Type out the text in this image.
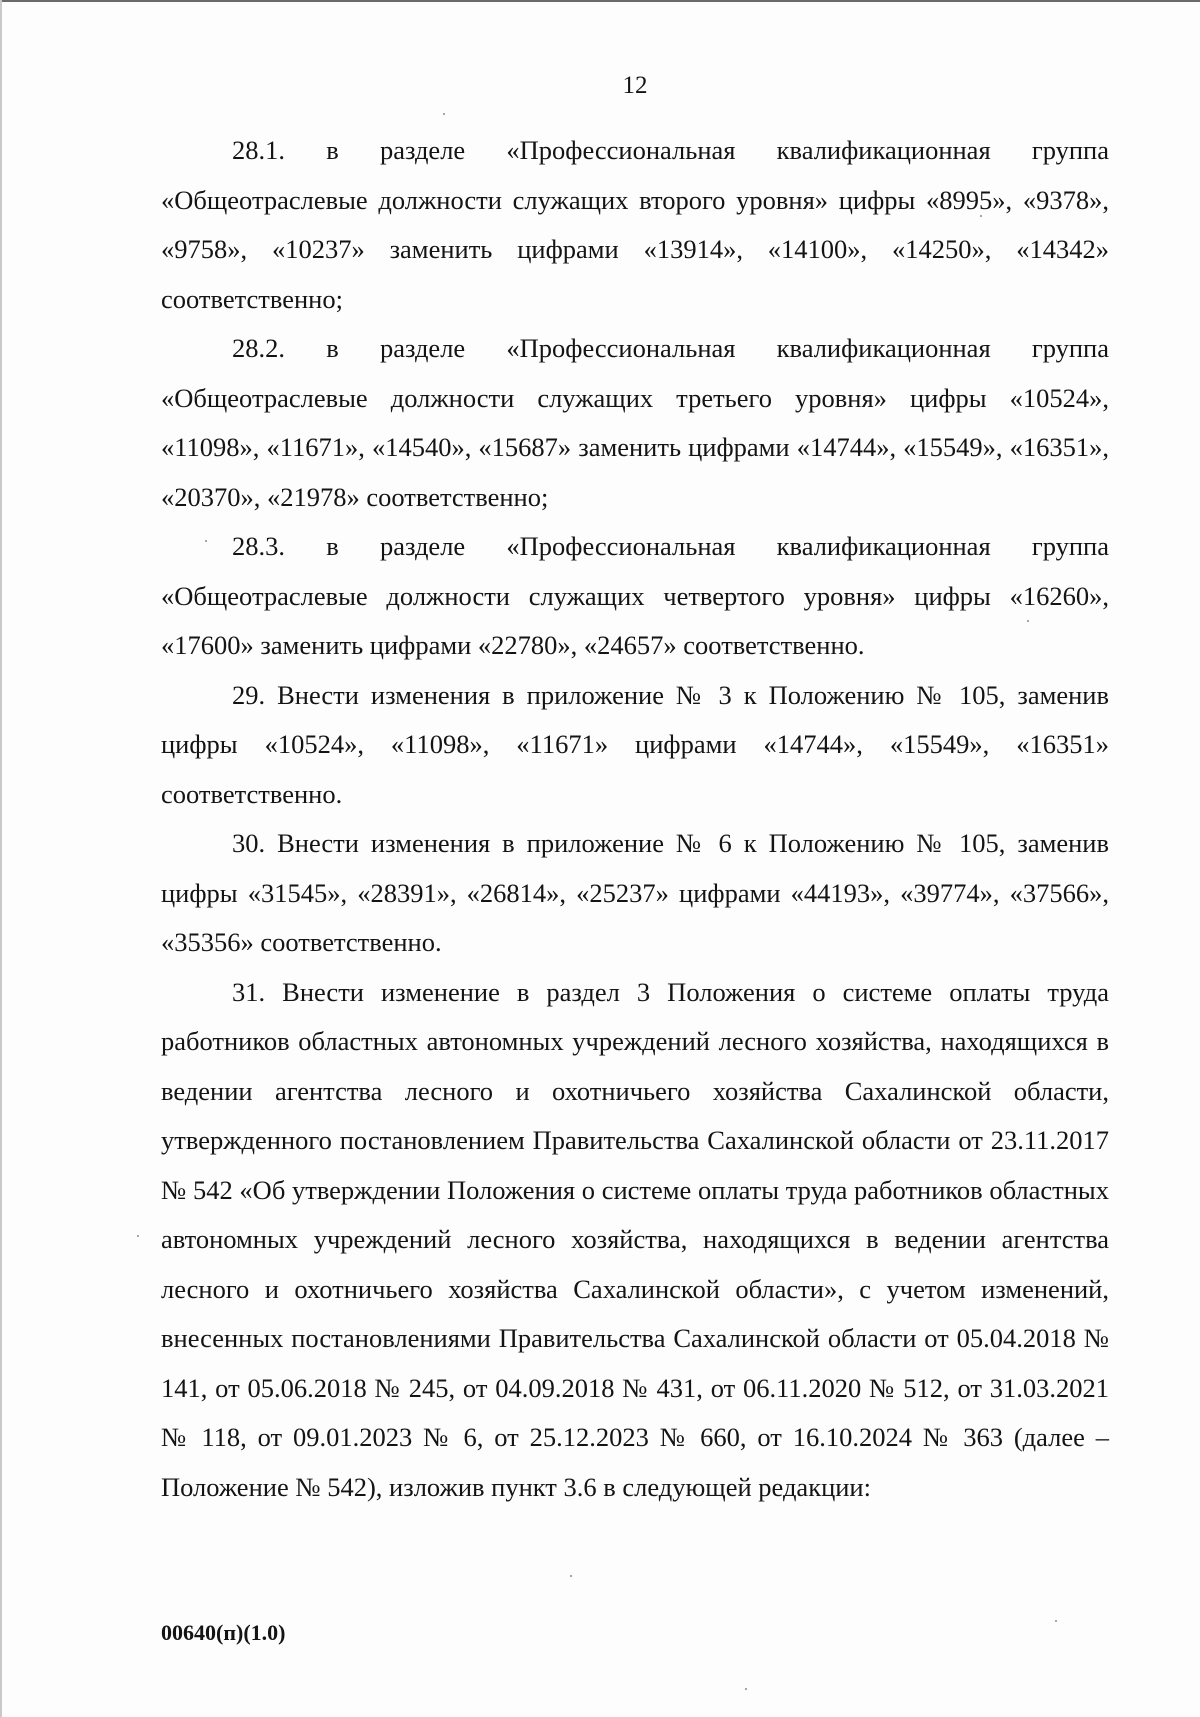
12

28.1. в разделе «Профессиональная квалификационная группа «Общеотраслевые должности служащих второго уровня» цифры «8995», «9378», «9758», «10237» заменить цифрами «13914», «14100», «14250», «14342» соответственно;

28.2. в разделе «Профессиональная квалификационная группа «Общеотраслевые должности служащих третьего уровня» цифры «10524», «11098», «11671», «14540», «15687» заменить цифрами «14744», «15549», «16351», «20370», «21978» соответственно;

28.3. в разделе «Профессиональная квалификационная группа «Общеотраслевые должности служащих четвертого уровня» цифры «16260», «17600» заменить цифрами «22780», «24657» соответственно.

29. Внести изменения в приложение № 3 к Положению № 105, заменив цифры «10524», «11098», «11671» цифрами «14744», «15549», «16351» соответственно.

30. Внести изменения в приложение № 6 к Положению № 105, заменив цифры «31545», «28391», «26814», «25237» цифрами «44193», «39774», «37566», «35356» соответственно.

31. Внести изменение в раздел 3 Положения о системе оплаты труда работников областных автономных учреждений лесного хозяйства, находящихся в ведении агентства лесного и охотничьего хозяйства Сахалинской области, утвержденного постановлением Правительства Сахалинской области от 23.11.2017 № 542 «Об утверждении Положения о системе оплаты труда работников областных автономных учреждений лесного хозяйства, находящихся в ведении агентства лесного и охотничьего хозяйства Сахалинской области», с учетом изменений, внесенных постановлениями Правительства Сахалинской области от 05.04.2018 № 141, от 05.06.2018 № 245, от 04.09.2018 № 431, от 06.11.2020 № 512, от 31.03.2021 № 118, от 09.01.2023 № 6, от 25.12.2023 № 660, от 16.10.2024 № 363 (далее – Положение № 542), изложив пункт 3.6 в следующей редакции:

00640(п)(1.0)
